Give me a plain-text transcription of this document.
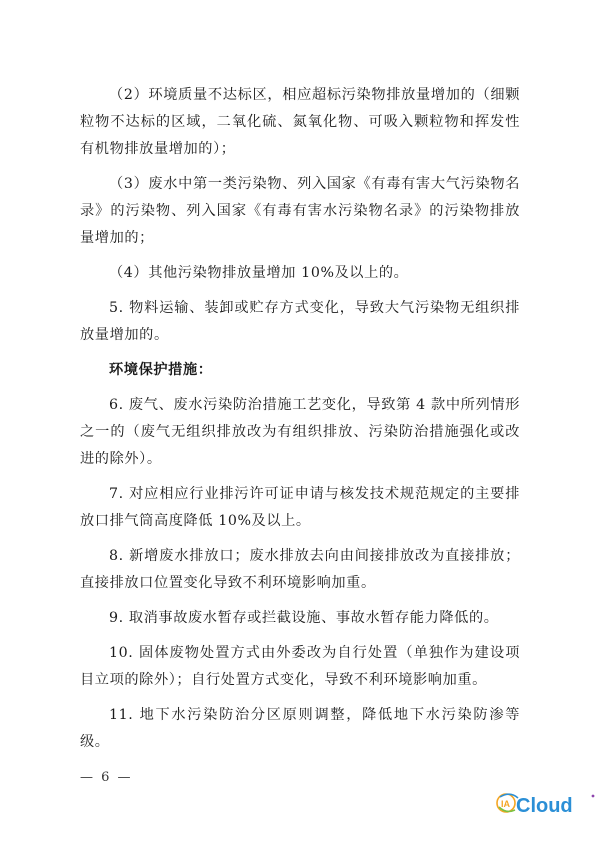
（2）环境质量不达标区，相应超标污染物排放量增加的（细颗粒物不达标的区域，二氧化硫、氮氧化物、可吸入颗粒物和挥发性有机物排放量增加的）；

（3）废水中第一类污染物、列入国家《有毒有害大气污染物名录》的污染物、列入国家《有毒有害水污染物名录》的污染物排放量增加的；

（4）其他污染物排放量增加 10%及以上的。

5. 物料运输、装卸或贮存方式变化，导致大气污染物无组织排放量增加的。

环境保护措施：

6. 废气、废水污染防治措施工艺变化，导致第 4 款中所列情形之一的（废气无组织排放改为有组织排放、污染防治措施强化或改进的除外）。

7. 对应相应行业排污许可证申请与核发技术规范规定的主要排放口排气筒高度降低 10%及以上。

8. 新增废水排放口；废水排放去向由间接排放改为直接排放；直接排放口位置变化导致不利环境影响加重。

9. 取消事故废水暂存或拦截设施、事故水暂存能力降低的。

10. 固体废物处置方式由外委改为自行处置（单独作为建设项目立项的除外）；自行处置方式变化，导致不利环境影响加重。

11. 地下水污染防治分区原则调整，降低地下水污染防渗等级。

— 6 —
IA Cloud
